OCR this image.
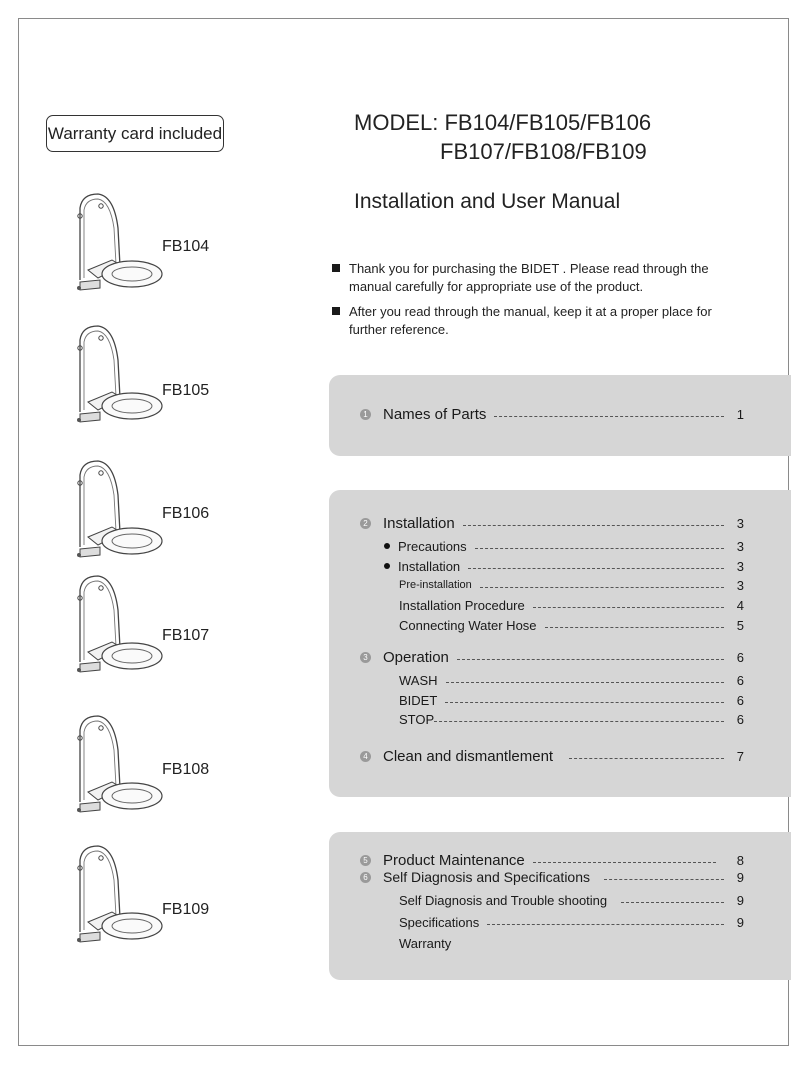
Warranty card included
FB104
FB105
FB106
FB107
FB108
FB109
MODEL: FB104/FB105/FB106
FB107/FB108/FB109
Installation and User Manual
Thank you for purchasing the BIDET . Please read through the manual carefully for appropriate use of the product.
After you read through the manual, keep it at a proper place for further reference.
1 Names of Parts	1
2 Installation	3
Precautions	3
Installation	3
Pre-installation	3
Installation Procedure	4
Connecting Water Hose	5
3 Operation	6
WASH	6
BIDET	6
STOP	6
4 Clean and dismantlement	7
5 Product Maintenance	8
6 Self Diagnosis and Specifications	9
Self Diagnosis and Trouble shooting	9
Specifications	9
Warranty
